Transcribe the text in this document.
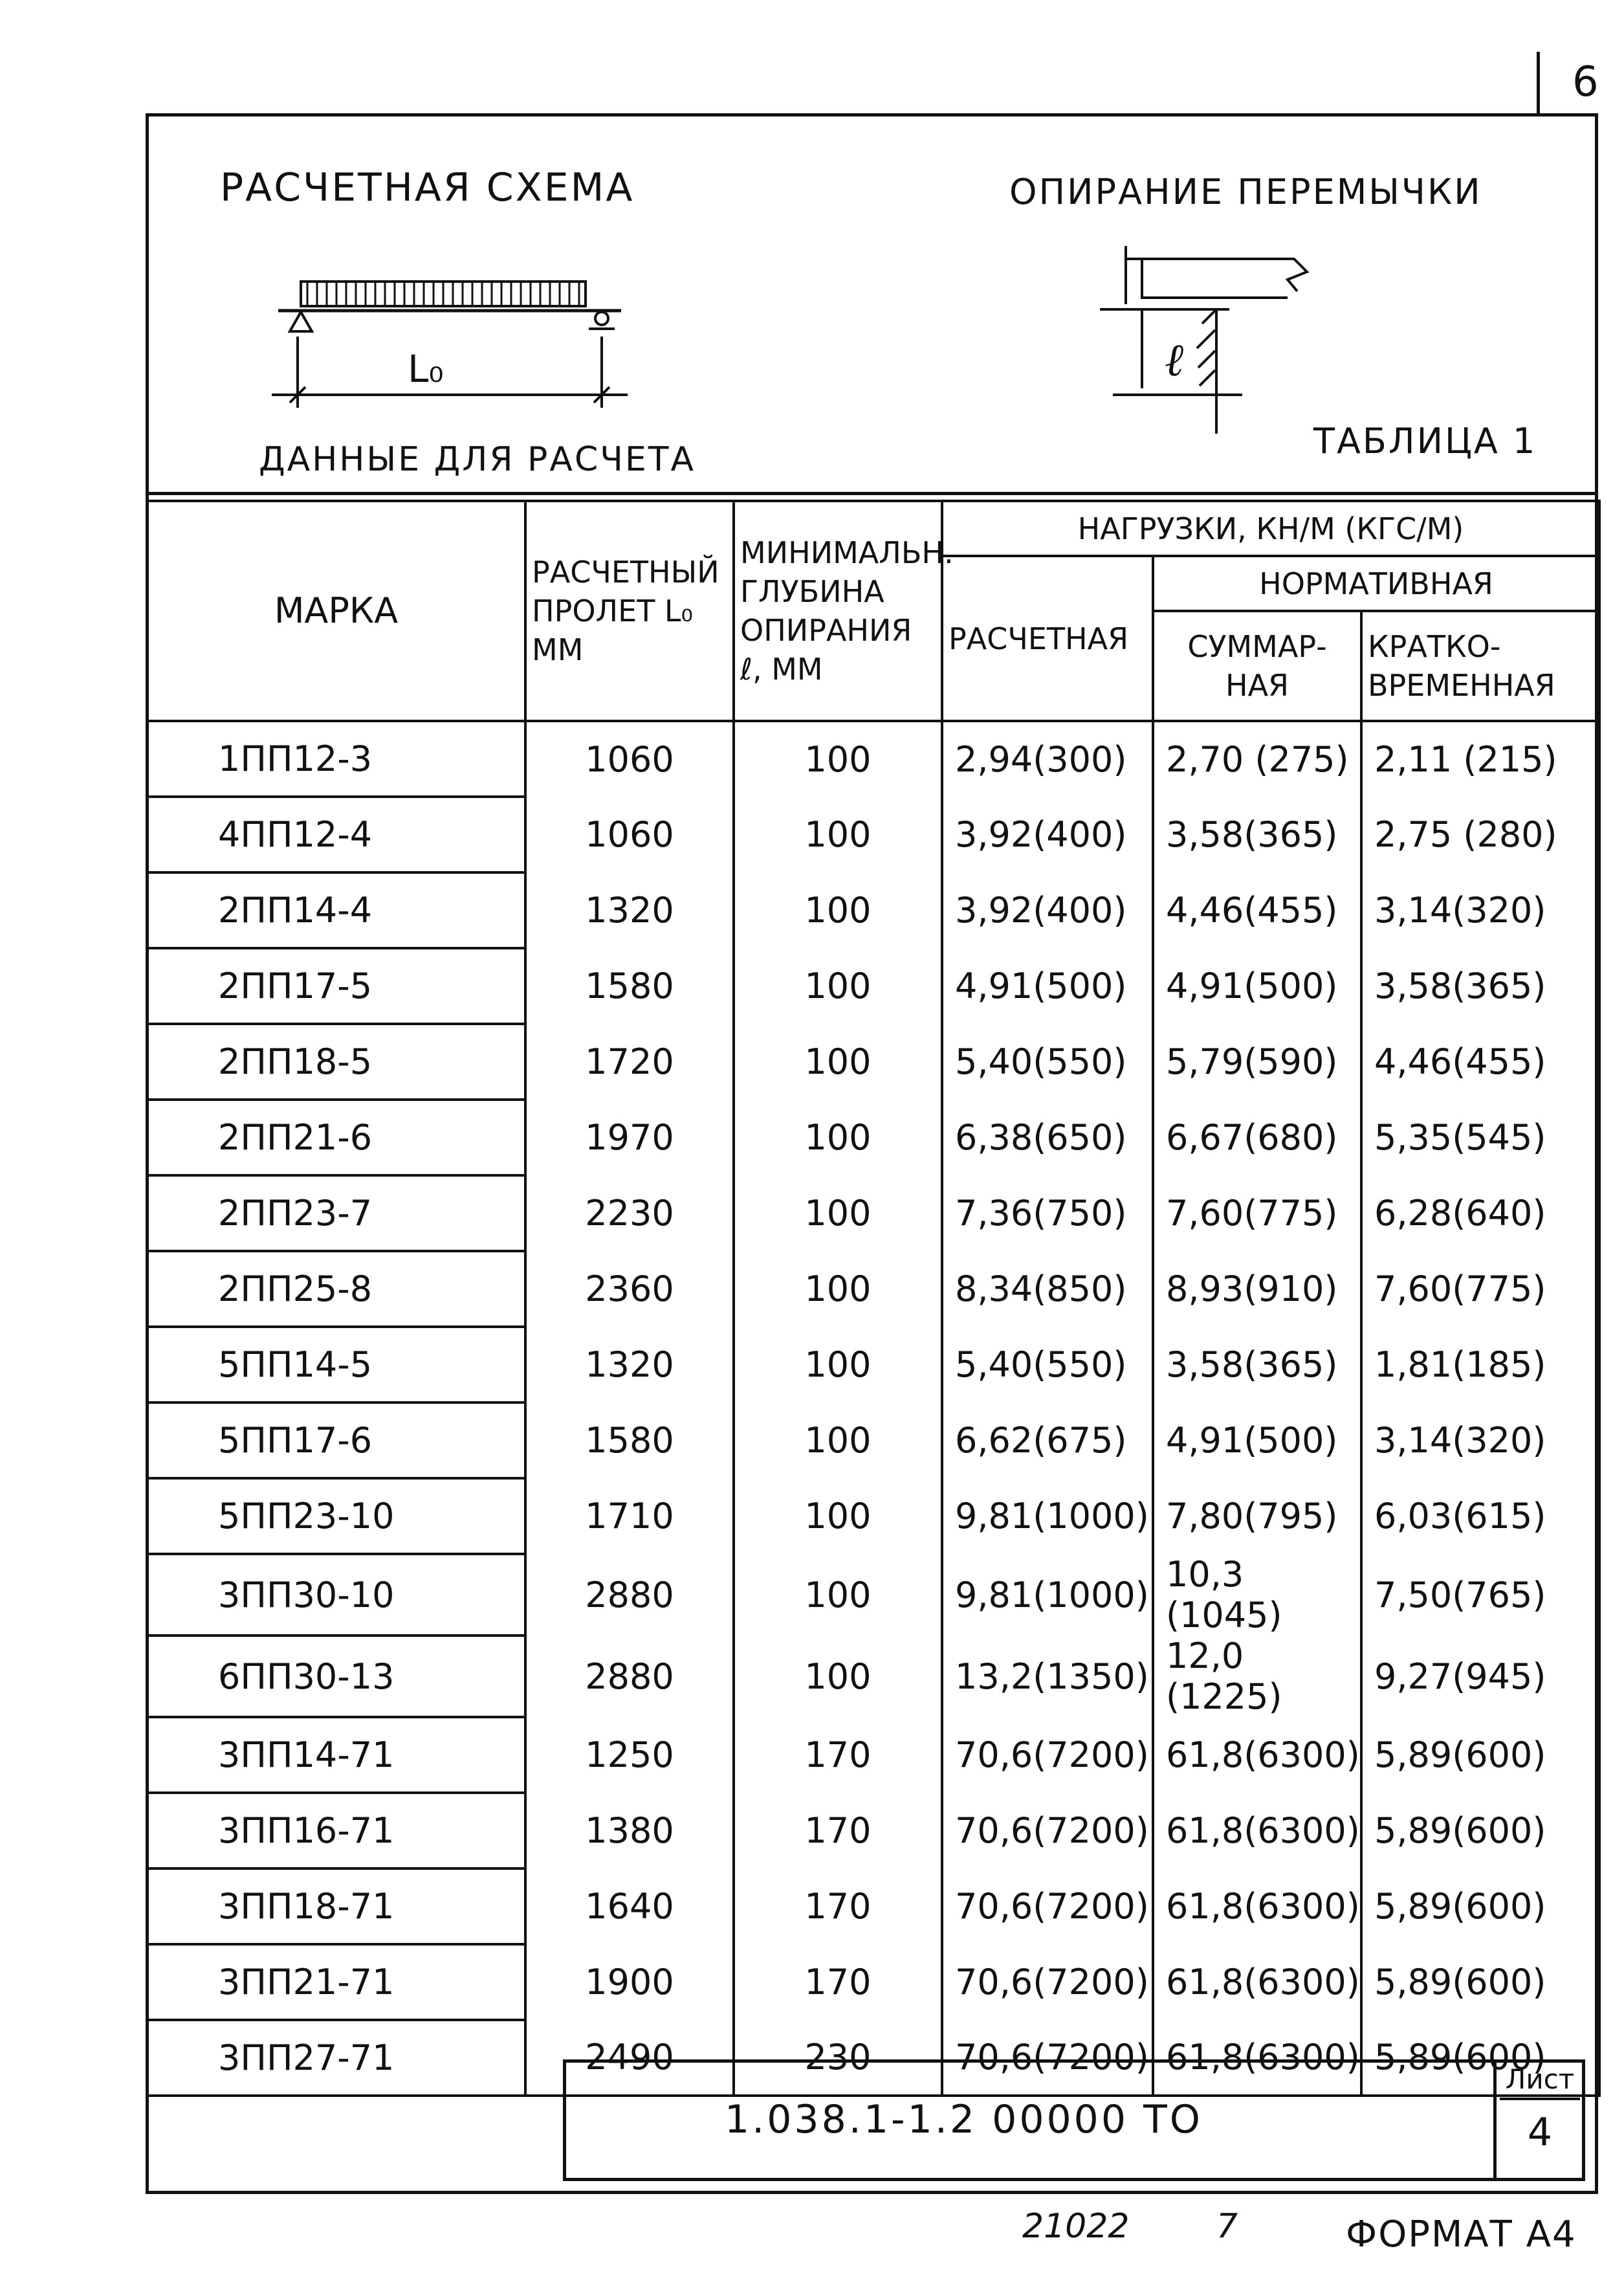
6
РАСЧЕТНАЯ СХЕМА
L₀
ОПИРАНИЕ ПЕРЕМЫЧКИ
ℓ
ТАБЛИЦА 1
ДАННЫЕ ДЛЯ РАСЧЕТА
МАРКА	РАСЧЕТНЫЙ ПРОЛЕТ L₀ ММ	МИНИМАЛЬН. ГЛУБИНА ОПИРАНИЯ ℓ, ММ	НАГРУЗКИ, КН/М (КГС/М)		
			РАСЧЕТНАЯ	НОРМАТИВНАЯ	
				СУММАР- НАЯ	КРАТКО- ВРЕМЕННАЯ
1ПП12-3	1060	100	2,94(300)	2,70 (275)	2,11 (215)
4ПП12-4	1060	100	3,92(400)	3,58(365)	2,75 (280)
2ПП14-4	1320	100	3,92(400)	4,46(455)	3,14(320)
2ПП17-5	1580	100	4,91(500)	4,91(500)	3,58(365)
2ПП18-5	1720	100	5,40(550)	5,79(590)	4,46(455)
2ПП21-6	1970	100	6,38(650)	6,67(680)	5,35(545)
2ПП23-7	2230	100	7,36(750)	7,60(775)	6,28(640)
2ПП25-8	2360	100	8,34(850)	8,93(910)	7,60(775)
5ПП14-5	1320	100	5,40(550)	3,58(365)	1,81(185)
5ПП17-6	1580	100	6,62(675)	4,91(500)	3,14(320)
5ПП23-10	1710	100	9,81(1000)	7,80(795)	6,03(615)
3ПП30-10	2880	100	9,81(1000)	10,3 (1045)	7,50(765)
6ПП30-13	2880	100	13,2(1350)	12,0 (1225)	9,27(945)
3ПП14-71	1250	170	70,6(7200)	61,8(6300)	5,89(600)
3ПП16-71	1380	170	70,6(7200)	61,8(6300)	5,89(600)
3ПП18-71	1640	170	70,6(7200)	61,8(6300)	5,89(600)
3ПП21-71	1900	170	70,6(7200)	61,8(6300)	5,89(600)
3ПП27-71	2490	230	70,6(7200)	61,8(6300)	5,89(600)
1.038.1-1.2 00000 ТО
Лист
4
21022	7	ФОРМАТ А4
